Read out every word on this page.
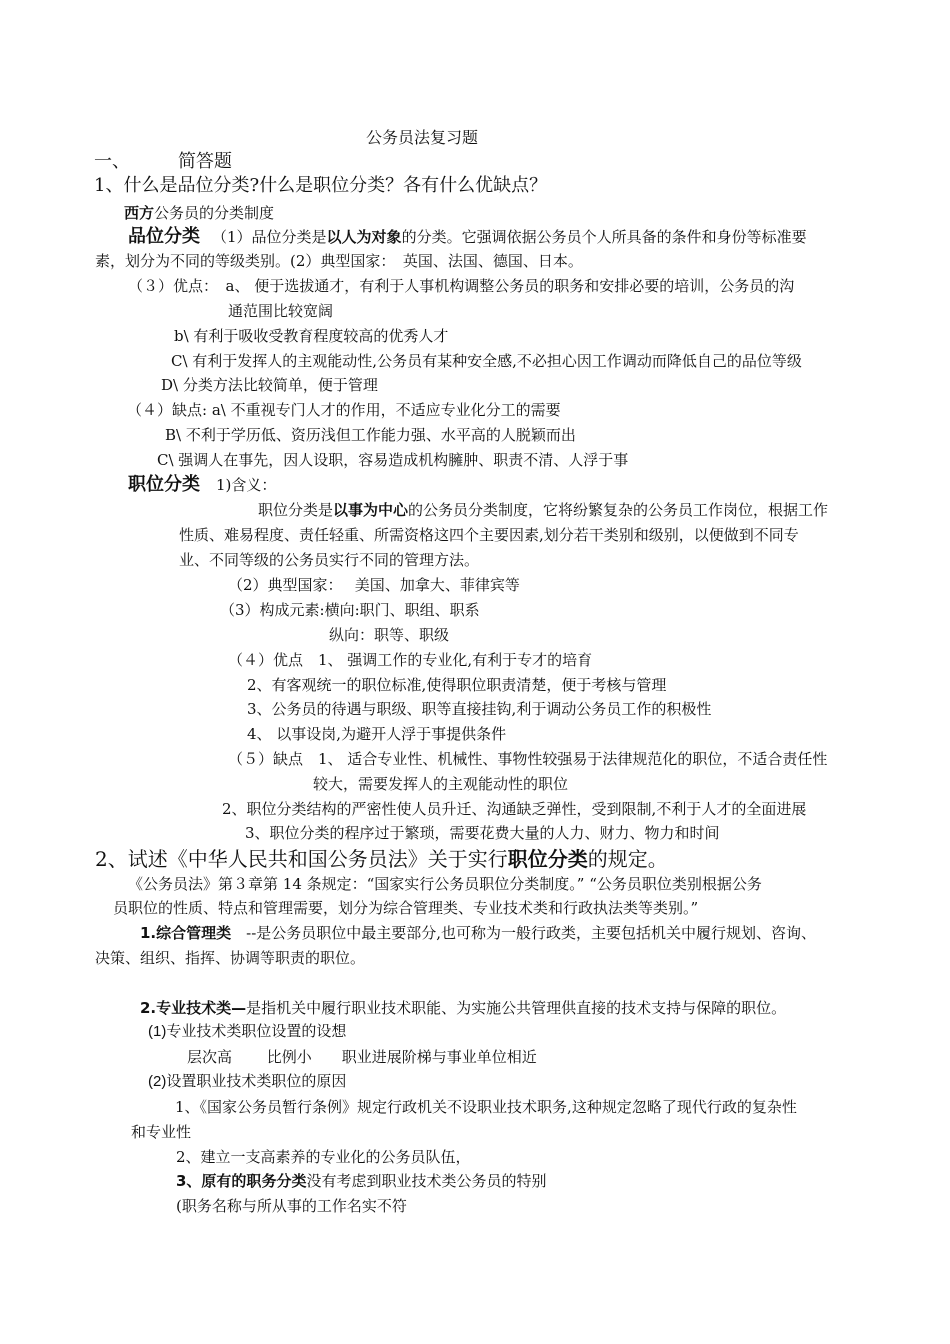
公务员法复习题
一、	简答题
1、什么是品位分类?什么是职位分类？各有什么优缺点？
西方公务员的分类制度
品位分类 （1）品位分类是以人为对象的分类。它强调依据公务员个人所具备的条件和身份等标准要
素，划分为不同的等级类别。(2）典型国家：　英国、法国、德国、日本。
（３）优点：　a、 便于选拔通才，有利于人事机构调整公务员的职务和安排必要的培训，公务员的沟
通范围比较宽阔
b\ 有利于吸收受教育程度较高的优秀人才
C\ 有利于发挥人的主观能动性,公务员有某种安全感,不必担心因工作调动而降低自己的品位等级
D\ 分类方法比较简单，便于管理
（４）缺点: a\ 不重视专门人才的作用，不适应专业化分工的需要
B\ 不利于学历低、资历浅但工作能力强、水平高的人脱颖而出
C\ 强调人在事先，因人设职，容易造成机构臃肿、职责不清、人浮于事
职位分类 1)含义：
职位分类是以事为中心的公务员分类制度，它将纷繁复杂的公务员工作岗位，根据工作
性质、难易程度、责任轻重、所需资格这四个主要因素,划分若干类别和级别，以便做到不同专
业、不同等级的公务员实行不同的管理方法。
（2）典型国家：　 美国、加拿大、菲律宾等
（3）构成元素:横向:职门、职组、职系
纵向：职等、职级
（４）优点　1、 强调工作的专业化,有利于专才的培育
2、有客观统一的职位标准,使得职位职责清楚，便于考核与管理
3、公务员的待遇与职级、职等直接挂钩,利于调动公务员工作的积极性
4、 以事设岗,为避开人浮于事提供条件
（５）缺点　1、 适合专业性、机械性、事物性较强易于法律规范化的职位，不适合责任性
较大，需要发挥人的主观能动性的职位
2、职位分类结构的严密性使人员升迁、沟通缺乏弹性，受到限制,不利于人才的全面进展
3、职位分类的程序过于繁琐，需要花费大量的人力、财力、物力和时间
2、试述《中华人民共和国公务员法》关于实行职位分类的规定。
《公务员法》第３章第 14 条规定：“国家实行公务员职位分类制度。” “公务员职位类别根据公务
员职位的性质、特点和管理需要，划分为综合管理类、专业技术类和行政执法类等类别。”
1.综合管理类　--是公务员职位中最主要部分,也可称为一般行政类，主要包括机关中履行规划、咨询、
决策、组织、指挥、协调等职责的职位。
2.专业技术类—是指机关中履行职业技术职能、为实施公共管理供直接的技术支持与保障的职位。
(1)专业技术类职位设置的设想
层次高　　 比例小　　职业进展阶梯与事业单位相近
(2)设置职业技术类职位的原因
1、《国家公务员暂行条例》规定行政机关不设职业技术职务,这种规定忽略了现代行政的复杂性
和专业性
2、建立一支高素养的专业化的公务员队伍，
3、原有的职务分类没有考虑到职业技术类公务员的特别
(职务名称与所从事的工作名实不符
